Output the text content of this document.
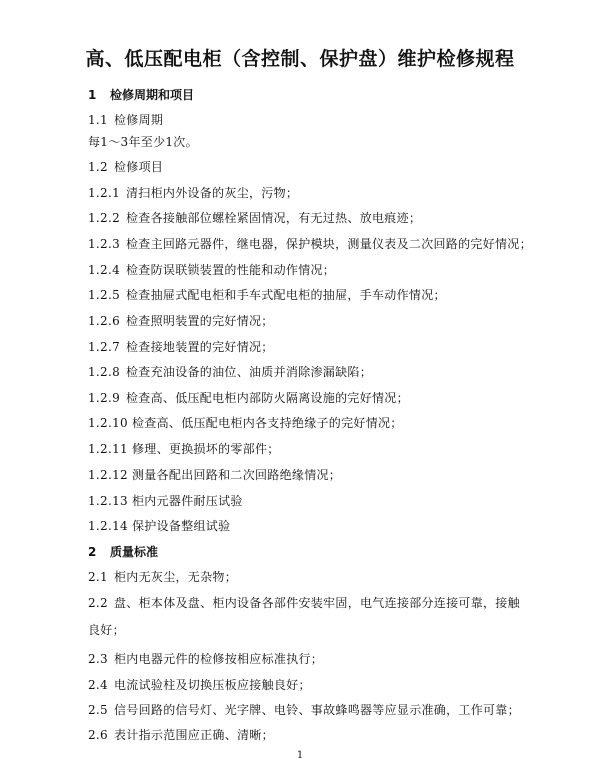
高、低压配电柜（含控制、保护盘）维护检修规程
1 检修周期和项目
1.1 检修周期
每1～3年至少1次。
1.2 检修项目
1.2.1 清扫柜内外设备的灰尘，污物；
1.2.2 检查各接触部位螺栓紧固情况，有无过热、放电痕迹；
1.2.3 检查主回路元器件，继电器，保护模块，测量仪表及二次回路的完好情况；
1.2.4 检查防误联锁装置的性能和动作情况；
1.2.5 检查抽屉式配电柜和手车式配电柜的抽屉，手车动作情况；
1.2.6 检查照明装置的完好情况；
1.2.7 检查接地装置的完好情况；
1.2.8 检查充油设备的油位、油质并消除渗漏缺陷；
1.2.9 检查高、低压配电柜内部防火隔离设施的完好情况；
1.2.10 检查高、低压配电柜内各支持绝缘子的完好情况；
1.2.11 修理、更换损坏的零部件；
1.2.12 测量各配出回路和二次回路绝缘情况；
1.2.13 柜内元器件耐压试验
1.2.14 保护设备整组试验
2 质量标准
2.1 柜内无灰尘，无杂物；
2.2 盘、柜本体及盘、柜内设备各部件安装牢固，电气连接部分连接可靠，接触良好；
2.3 柜内电器元件的检修按相应标准执行；
2.4 电流试验柱及切换压板应接触良好；
2.5 信号回路的信号灯、光字牌、电铃、事故蜂鸣器等应显示准确，工作可靠；
2.6 表计指示范围应正确、清晰；
1
